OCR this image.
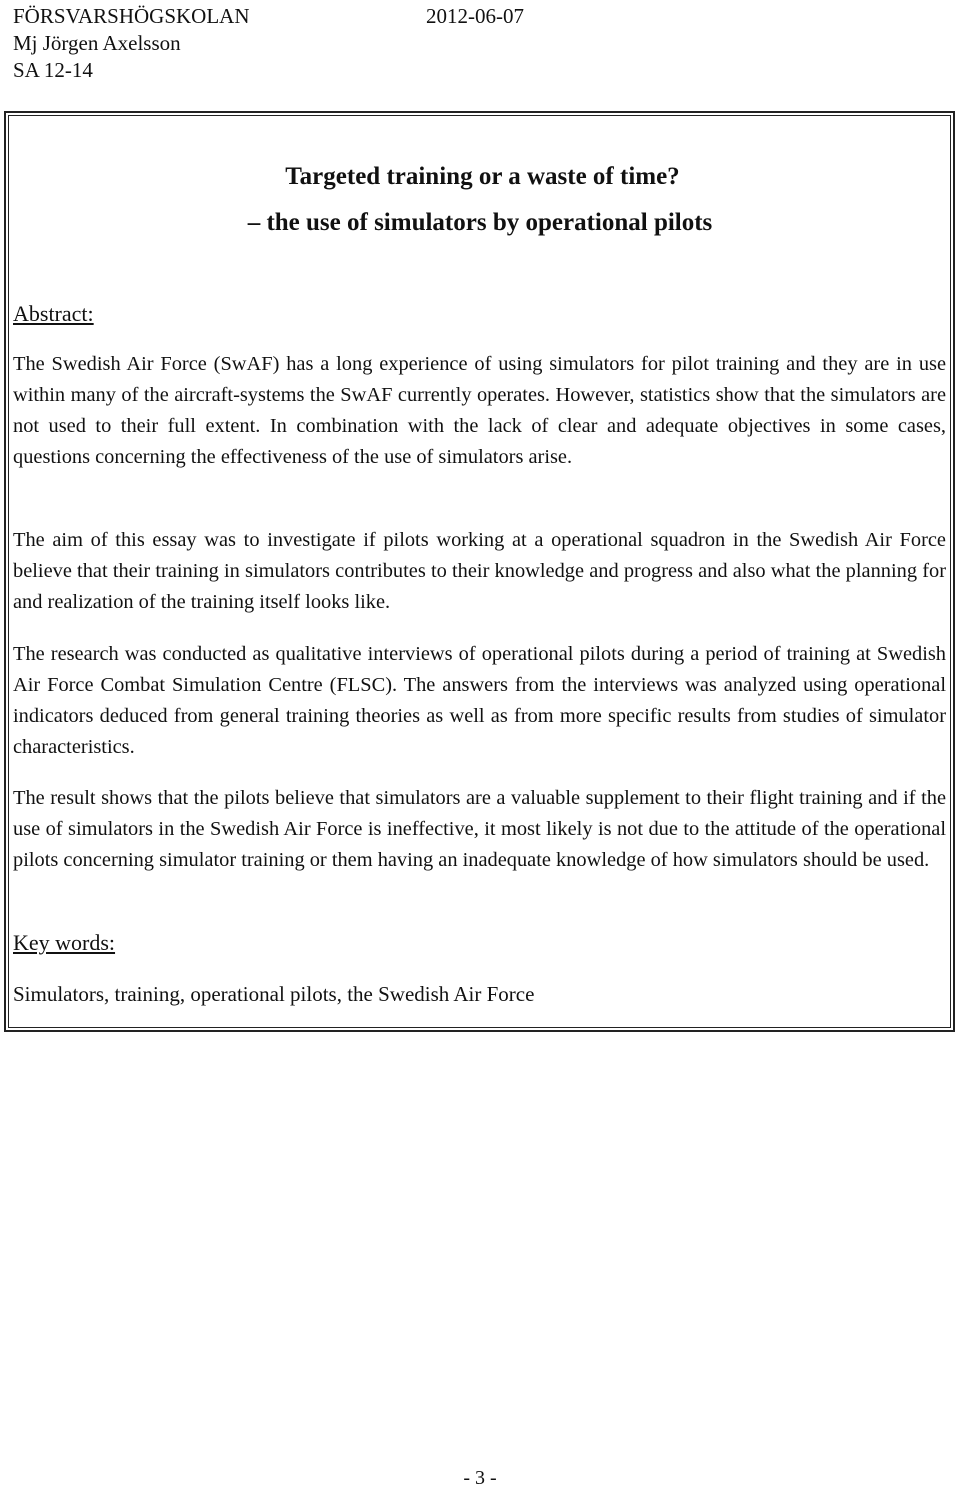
FÖRSVARSHÖGSKOLAN	2012-06-07
Mj Jörgen Axelsson
SA 12-14
Targeted training or a waste of time?
– the use of simulators by operational pilots
Abstract:

The Swedish Air Force (SwAF) has a long experience of using simulators for pilot training and they are in use within many of the aircraft-systems the SwAF currently operates. However, statistics show that the simulators are not used to their full extent. In combination with the lack of clear and adequate objectives in some cases, questions concerning the effectiveness of the use of simulators arise.

The aim of this essay was to investigate if pilots working at a operational squadron in the Swedish Air Force believe that their training in simulators contributes to their knowledge and progress and also what the planning for and realization of the training itself looks like.

The research was conducted as qualitative interviews of operational pilots during a period of training at Swedish Air Force Combat Simulation Centre (FLSC). The answers from the interviews was analyzed using operational indicators deduced from general training theories as well as from more specific results from studies of simulator characteristics.

The result shows that the pilots believe that simulators are a valuable supplement to their flight training and if the use of simulators in the Swedish Air Force is ineffective, it most likely is not due to the attitude of the operational pilots concerning simulator training or them having an inadequate knowledge of how simulators should be used.

Key words:
Simulators, training, operational pilots, the Swedish Air Force
- 3 -
